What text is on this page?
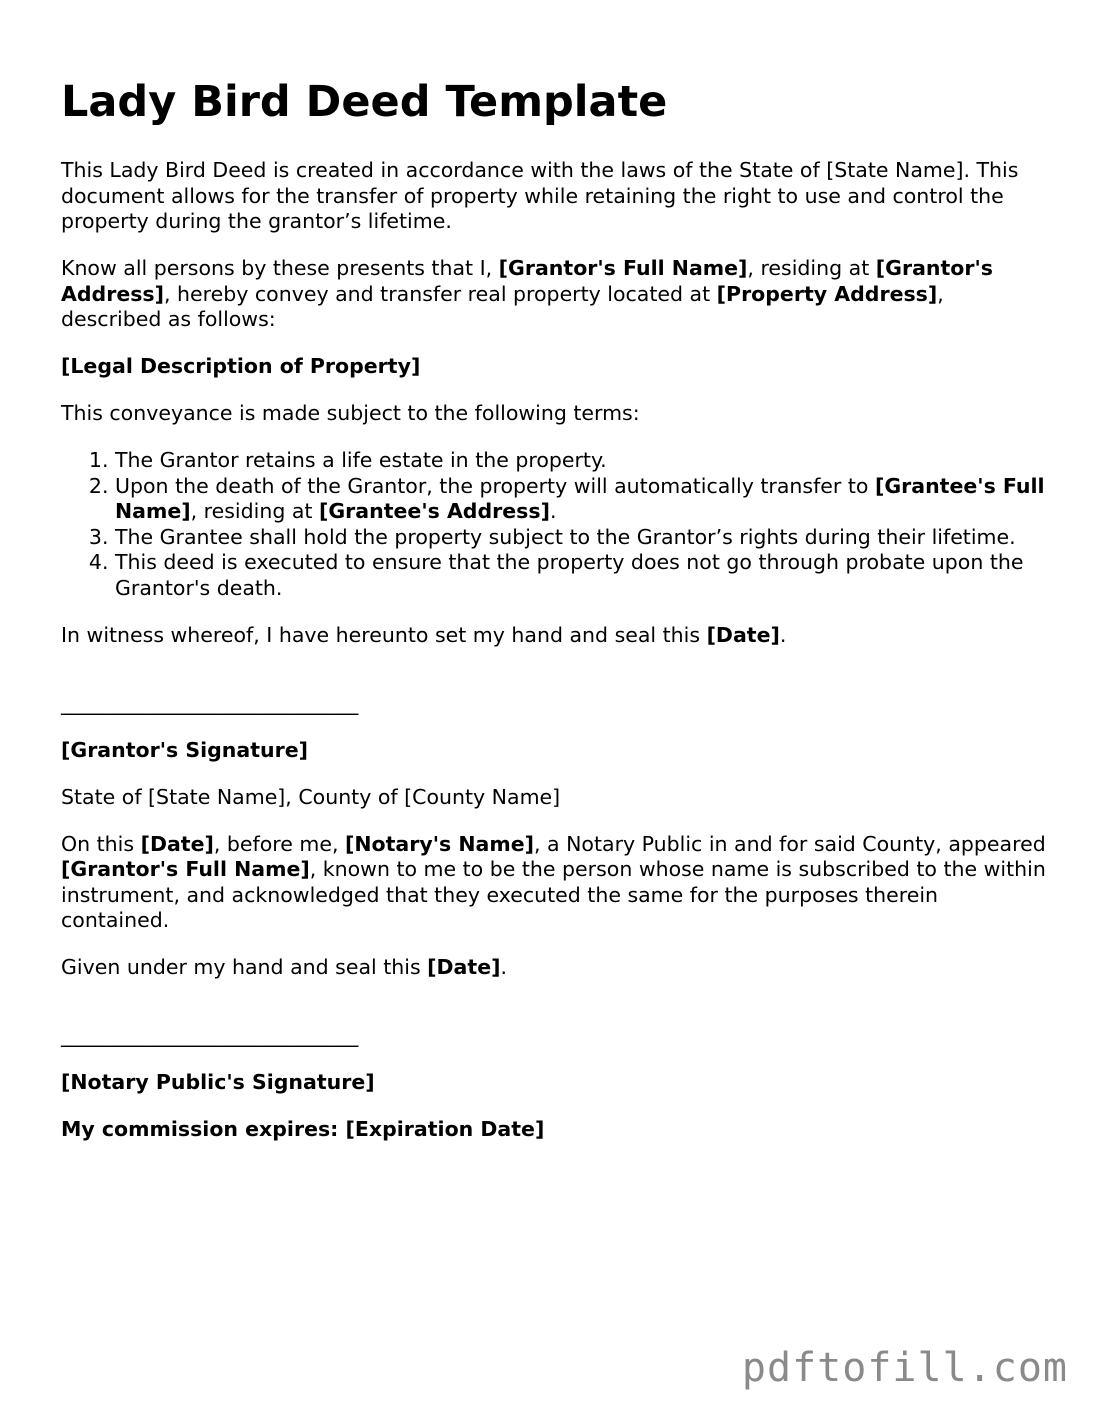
Lady Bird Deed Template

This Lady Bird Deed is created in accordance with the laws of the State of [State Name]. This document allows for the transfer of property while retaining the right to use and control the property during the grantor’s lifetime.

Know all persons by these presents that I, [Grantor's Full Name], residing at [Grantor's Address], hereby convey and transfer real property located at [Property Address], described as follows:

[Legal Description of Property]

This conveyance is made subject to the following terms:

1. The Grantor retains a life estate in the property.
2. Upon the death of the Grantor, the property will automatically transfer to [Grantee's Full Name], residing at [Grantee's Address].
3. The Grantee shall hold the property subject to the Grantor’s rights during their lifetime.
4. This deed is executed to ensure that the property does not go through probate upon the Grantor's death.

In witness whereof, I have hereunto set my hand and seal this [Date].

_____________________________

[Grantor's Signature]

State of [State Name], County of [County Name]

On this [Date], before me, [Notary's Name], a Notary Public in and for said County, appeared [Grantor's Full Name], known to me to be the person whose name is subscribed to the within instrument, and acknowledged that they executed the same for the purposes therein contained.

Given under my hand and seal this [Date].

_____________________________

[Notary Public's Signature]

My commission expires: [Expiration Date]

pdftofill.com
